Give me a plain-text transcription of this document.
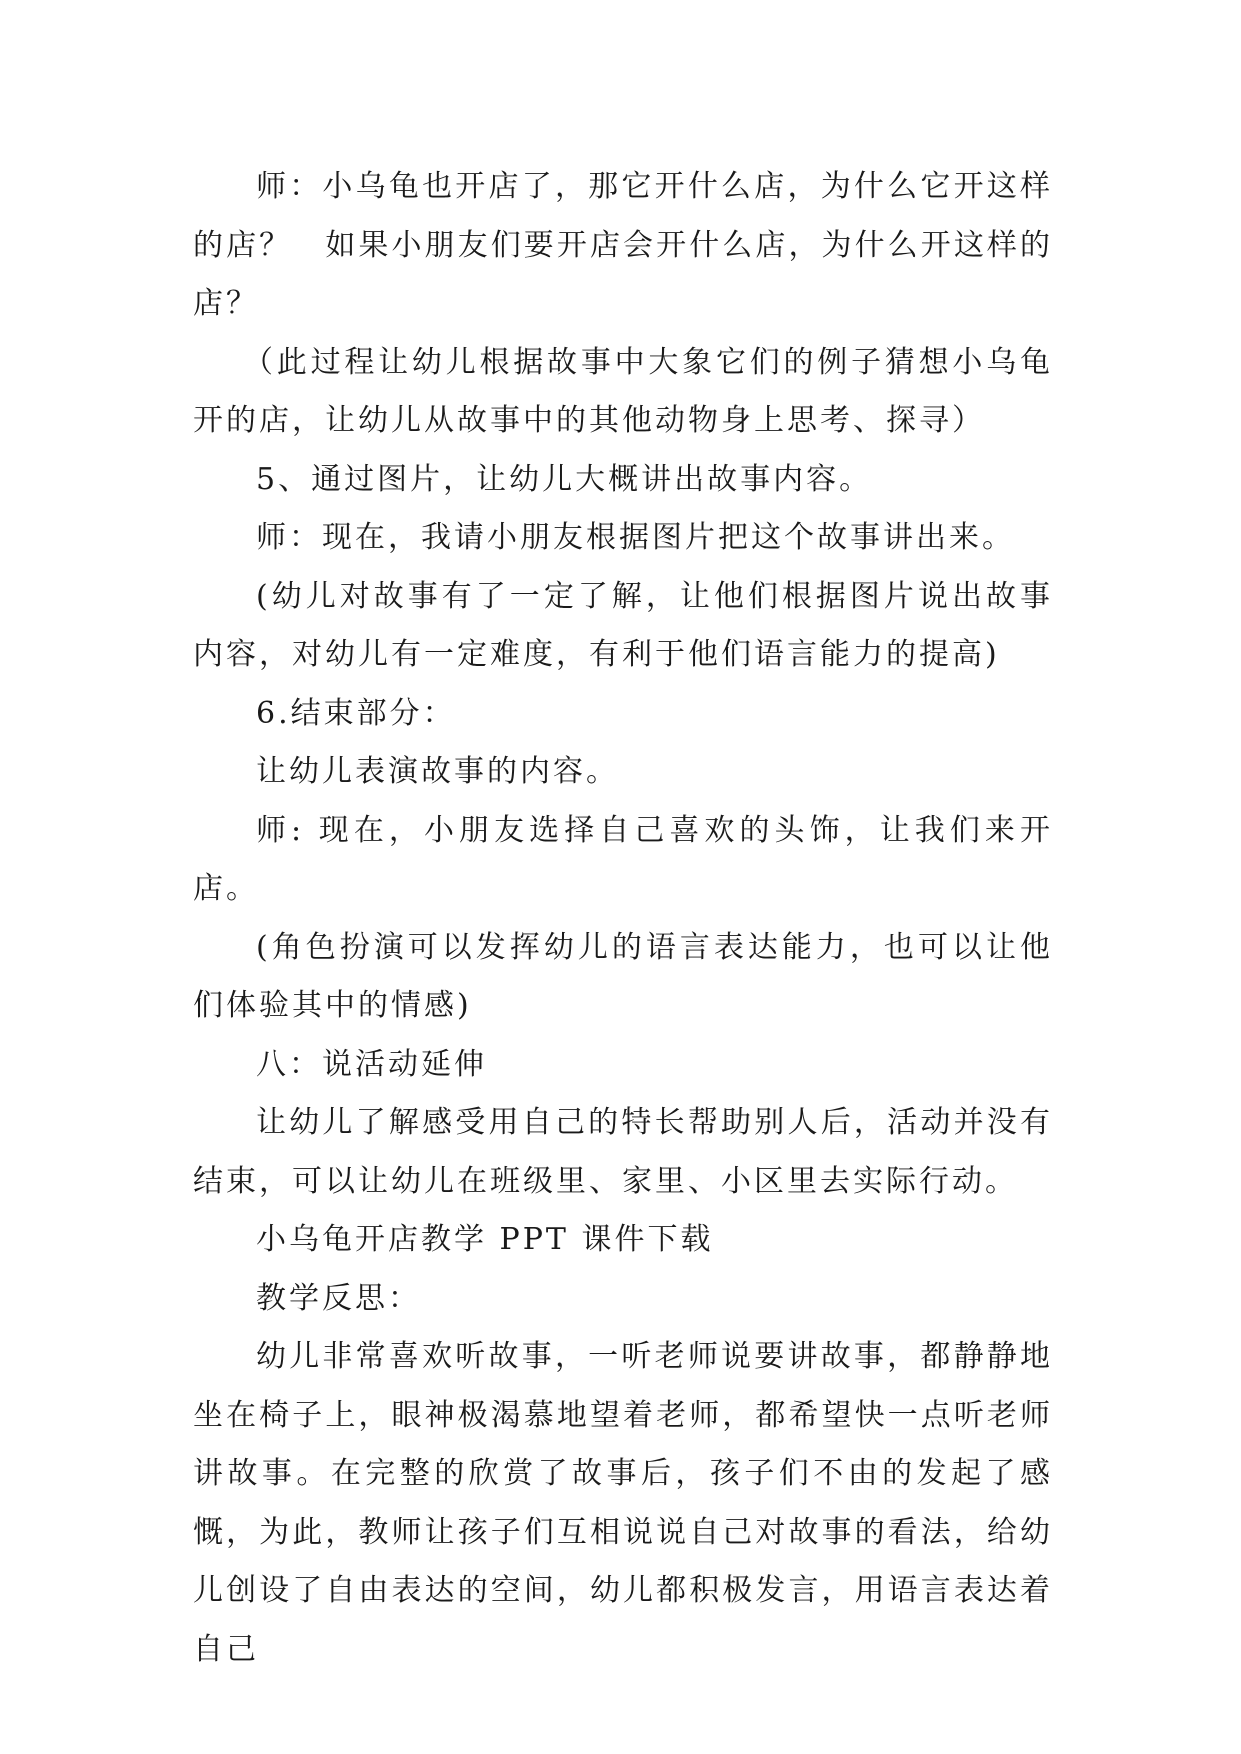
师：小乌龟也开店了，那它开什么店，为什么它开这样的店？　如果小朋友们要开店会开什么店，为什么开这样的店？

（此过程让幼儿根据故事中大象它们的例子猜想小乌龟开的店，让幼儿从故事中的其他动物身上思考、探寻）

5、通过图片，让幼儿大概讲出故事内容。

师：现在，我请小朋友根据图片把这个故事讲出来。

(幼儿对故事有了一定了解，让他们根据图片说出故事内容，对幼儿有一定难度，有利于他们语言能力的提高)

6.结束部分：

让幼儿表演故事的内容。

师: 现在，小朋友选择自己喜欢的头饰，让我们来开店。

(角色扮演可以发挥幼儿的语言表达能力，也可以让他们体验其中的情感)

八：说活动延伸

让幼儿了解感受用自己的特长帮助别人后，活动并没有结束，可以让幼儿在班级里、家里、小区里去实际行动。

小乌龟开店教学 PPT 课件下载

教学反思：

幼儿非常喜欢听故事，一听老师说要讲故事，都静静地坐在椅子上，眼神极渴慕地望着老师，都希望快一点听老师讲故事。在完整的欣赏了故事后，孩子们不由的发起了感慨，为此，教师让孩子们互相说说自己对故事的看法，给幼儿创设了自由表达的空间，幼儿都积极发言，用语言表达着自己
